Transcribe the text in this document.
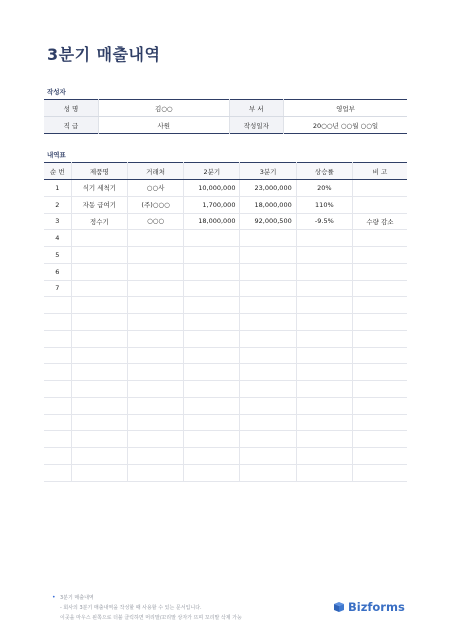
3분기 매출내역
작성자
성 명	김○○	부 서	영업부
직 급	사원	작성일자	20○○년 ○○월 ○○일
내역표
순 번	제품명	거래처	2분기	3분기	상승률	비 고
1	식기 세척기	○○사	10,000,000	23,000,000	20%	
2	자동 급여기	(주)○○○	1,700,000	18,000,000	110%	
3	정수기	○○○	18,000,000	92,000,500	-9.5%	수량 감소
4						
5						
6						
7						

• 3분기 매출내역
- 회사의 3분기 매출내역을 작성할 때 사용할 수 있는 문서입니다.
이곳을 마우스 왼쪽으로 더블 클릭하면 머리말/꼬리말 상자가 뜨며 꼬리말 삭제 가능
Bizforms
